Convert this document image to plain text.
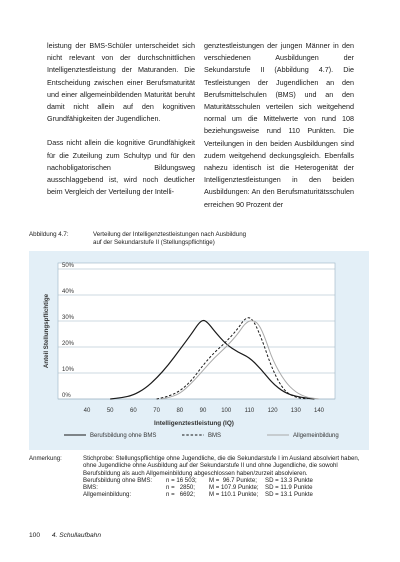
leistung der BMS-Schüler unterscheidet sich nicht relevant von der durchschnittlichen Intelligenztestleistung der Maturanden. Die Entscheidung zwischen einer Berufsmaturität und einer allgemeinbildenden Maturität beruht damit nicht allein auf den kognitiven Grundfähigkeiten der Jugendlichen.

Dass nicht allein die kognitive Grundfähigkeit für die Zuteilung zum Schultyp und für den nachobligatorischen Bildungsweg ausschlaggebend ist, wird noch deutlicher beim Vergleich der Verteilung der Intelli-

genztestleistungen der jungen Männer in den verschiedenen Ausbildungen der Sekundarstufe II (Abbildung 4.7). Die Testleistungen der Jugendlichen an den Berufsmittelschulen (BMS) und an den Maturitätsschulen verteilen sich weitgehend normal um die Mittelwerte von rund 108 beziehungsweise rund 110 Punkten. Die Verteilungen in den beiden Ausbildungen sind zudem weitgehend deckungsgleich. Ebenfalls nahezu identisch ist die Heterogenität der Intelligenztestleistungen in den beiden Ausbildungen: An den Berufsmaturitätsschulen erreichen 90 Prozent der

Abbildung 4.7:	Verteilung der Intelligenztestleistungen nach Ausbildung
auf der Sekundarstufe II (Stellungspflichtige)
0%
10%
20%
30%
40%
50%
40	50	60	70	80	90 100 110 120 130 140
Anteil Stellungspflichtige
Intelligenztestleistung (IQ)
Berufsbildung ohne BMS	BMS	Allgemeinbildung
Anmerkung:	Stichprobe: Stellungspflichtige ohne Jugendliche, die die Sekundarstufe I im Ausland absolviert haben, ohne Jugendliche ohne Ausbildung auf der Sekundarstufe II und ohne Jugendliche, die sowohl Berufsbildung als auch Allgemeinbildung abgeschlossen haben/zurzeit absolvieren.
Berufsbildung ohne BMS: n = 16 503; M =  96.7 Punkte; SD = 13.3 Punkte
BMS:	n =   2850; M = 107.9 Punkte; SD = 11.9 Punkte
Allgemeinbildung:	n =   6692; M = 110.1 Punkte; SD = 13.1 Punkte
100 4. Schullaufbahn
